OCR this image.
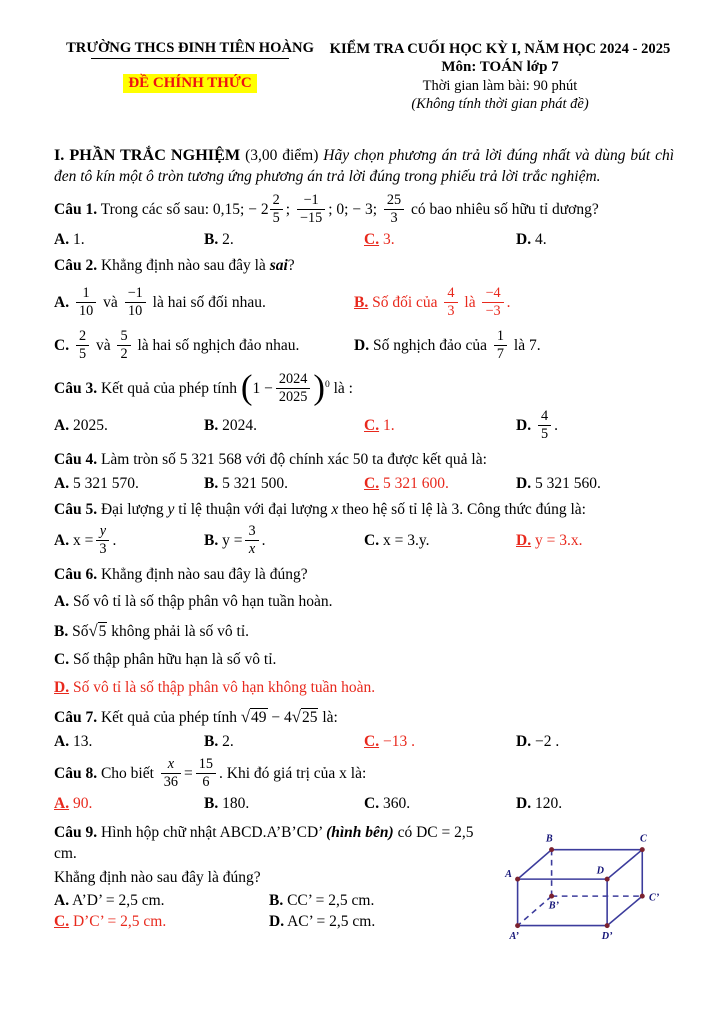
TRƯỜNG THCS ĐINH TIÊN HOÀNG
ĐỀ CHÍNH THỨC
KIỂM TRA CUỐI HỌC KỲ I, NĂM HỌC 2024 - 2025
Môn: TOÁN lớp 7
Thời gian làm bài: 90 phút
(Không tính thời gian phát đề)

I. PHẦN TRẮC NGHIỆM (3,00 điểm) Hãy chọn phương án trả lời đúng nhất và dùng bút chì đen tô kín một ô tròn tương ứng phương án trả lời đúng trong phiếu trả lời trắc nghiệm.

Câu 1. Trong các số sau: 0,15; − $2 \frac{2}{5}$ ; $\frac{-1}{-15}$ ; 0; − 3; $\frac{25}{3}$ có bao nhiêu số hữu tỉ dương?

A. 1.	B. 2.	C. 3.	D. 4.

Câu 2. Khẳng định nào sau đây là sai?

A. $\frac{1}{10}$ và $\frac{-1}{10}$ là hai số đối nhau.	B. Số đối của $\frac{4}{3}$ là $\frac{-4}{-3}$ .
C. $\frac{2}{5}$ và $\frac{5}{2}$ là hai số nghịch đảo nhau.	D. Số nghịch đảo của $\frac{1}{7}$ là 7.

Câu 3. Kết quả của phép tính $(1 - \frac{2024}{2025} )^0$ là :

A. 2025.	B. 2024.	C. 1.	D. $\frac{4}{5}$ .

Câu 4. Làm tròn số 5 321 568 với độ chính xác 50 ta được kết quả là:

A. 5 321 570.	B. 5 321 500.	C. 5 321 600.	D. 5 321 560.

Câu 5. Đại lượng y tỉ lệ thuận với đại lượng x theo hệ số tỉ lệ là 3. Công thức đúng là:

A. $x = \frac{y}{3}$ .	B. $y = \frac{3}{x}$ .	C. x = 3.y.	D. y = 3.x.

Câu 6. Khẳng định nào sau đây là đúng?

A. Số vô tỉ là số thập phân vô hạn tuần hoàn.

B. Số√5 không phải là số vô tỉ.

C. Số thập phân hữu hạn là số vô tỉ.

D. Số vô tỉ là số thập phân vô hạn không tuần hoàn.

Câu 7. Kết quả của phép tính √49 − 4√25 là:

A. 13.	B. 2.	C. −13 .	D. −2 .

Câu 8. Cho biết $\frac{x}{36} = \frac{15}{6}$ . Khi đó giá trị của x là:

A. 90.	B. 180.	C. 360.	D. 120.

Câu 9. Hình hộp chữ nhật ABCD.A’B’CD’ (hình bên) có DC = 2,5 cm.

Khẳng định nào sau đây là đúng?

A. A’D’ = 2,5 cm.	B. CC’ = 2,5 cm.
C. D’C’ = 2,5 cm.	D. AC’ = 2,5 cm.
A
B	C
D
B’
C’
A’	D’
